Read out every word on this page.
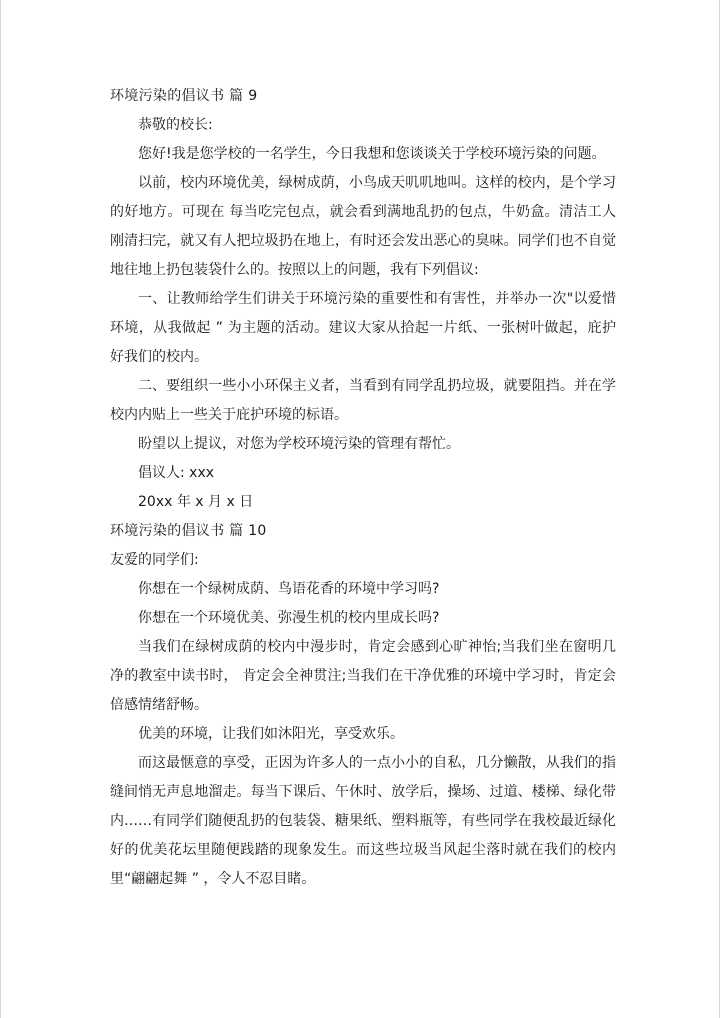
环境污染的倡议书 篇 9

恭敬的校长:

您好!我是您学校的一名学生，今日我想和您谈谈关于学校环境污染的问题。

以前，校内环境优美，绿树成荫，小鸟成天叽叽地叫。这样的校内，是个学习的好地方。可现在 每当吃完包点，就会看到满地乱扔的包点，牛奶盒。清洁工人刚清扫完，就又有人把垃圾扔在地上，有时还会发出恶心的臭味。同学们也不自觉地往地上扔包装袋什么的。按照以上的问题，我有下列倡议:

一、让教师给学生们讲关于环境污染的重要性和有害性，并举办一次"以爱惜环境，从我做起 ” 为主题的活动。建议大家从拾起一片纸、一张树叶做起，庇护好我们的校内。

二、要组织一些小小环保主义者，当看到有同学乱扔垃圾，就要阻挡。并在学校内内贴上一些关于庇护环境的标语。

盼望以上提议，对您为学校环境污染的管理有帮忙。

倡议人: xxx

20xx 年 x 月 x 日

环境污染的倡议书 篇 10

友爱的同学们:

你想在一个绿树成荫、鸟语花香的环境中学习吗?

你想在一个环境优美、弥漫生机的校内里成长吗?

当我们在绿树成荫的校内中漫步时，肯定会感到心旷神怡;当我们坐在窗明几净的教室中读书时， 肯定会全神贯注;当我们在干净优雅的环境中学习时，肯定会倍感情绪舒畅。

优美的环境，让我们如沐阳光，享受欢乐。

而这最惬意的享受，正因为许多人的一点小小的自私，几分懒散，从我们的指缝间悄无声息地溜走。每当下课后、午休时、放学后，操场、过道、楼梯、绿化带内……有同学们随便乱扔的包装袋、糖果纸、塑料瓶等，有些同学在我校最近绿化好的优美花坛里随便践踏的现象发生。而这些垃圾当风起尘落时就在我们的校内里“翩翩起舞 ” ，令人不忍目睹。
